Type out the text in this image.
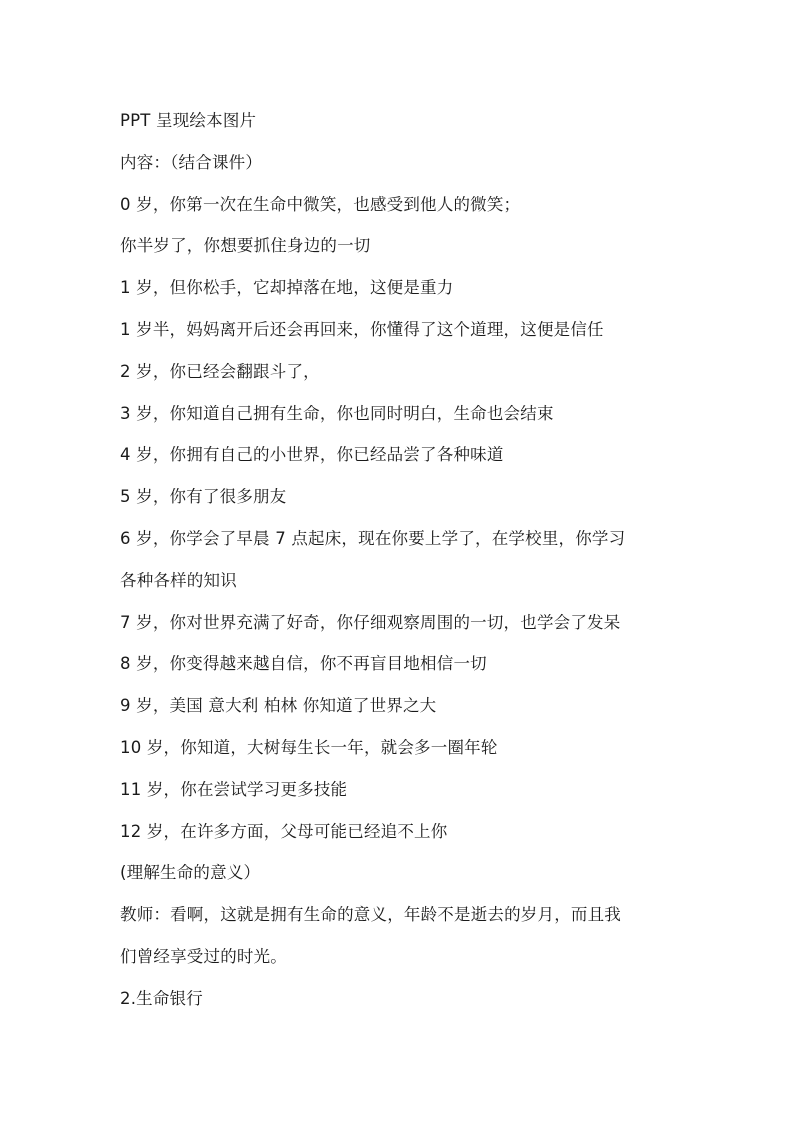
PPT 呈现绘本图片
内容：（结合课件）
0 岁，你第一次在生命中微笑，也感受到他人的微笑；
你半岁了，你想要抓住身边的一切
1 岁，但你松手，它却掉落在地，这便是重力
1 岁半，妈妈离开后还会再回来，你懂得了这个道理，这便是信任
2 岁，你已经会翻跟斗了，
3 岁，你知道自己拥有生命，你也同时明白，生命也会结束
4 岁，你拥有自己的小世界，你已经品尝了各种味道
5 岁，你有了很多朋友
6 岁，你学会了早晨 7 点起床，现在你要上学了，在学校里，你学习
各种各样的知识
7 岁，你对世界充满了好奇，你仔细观察周围的一切，也学会了发呆
8 岁，你变得越来越自信，你不再盲目地相信一切
9 岁，美国 意大利 柏林 你知道了世界之大
10 岁，你知道，大树每生长一年，就会多一圈年轮
11 岁，你在尝试学习更多技能
12 岁，在许多方面，父母可能已经追不上你
(理解生命的意义）
教师：看啊，这就是拥有生命的意义，年龄不是逝去的岁月，而且我
们曾经享受过的时光。
2.生命银行
